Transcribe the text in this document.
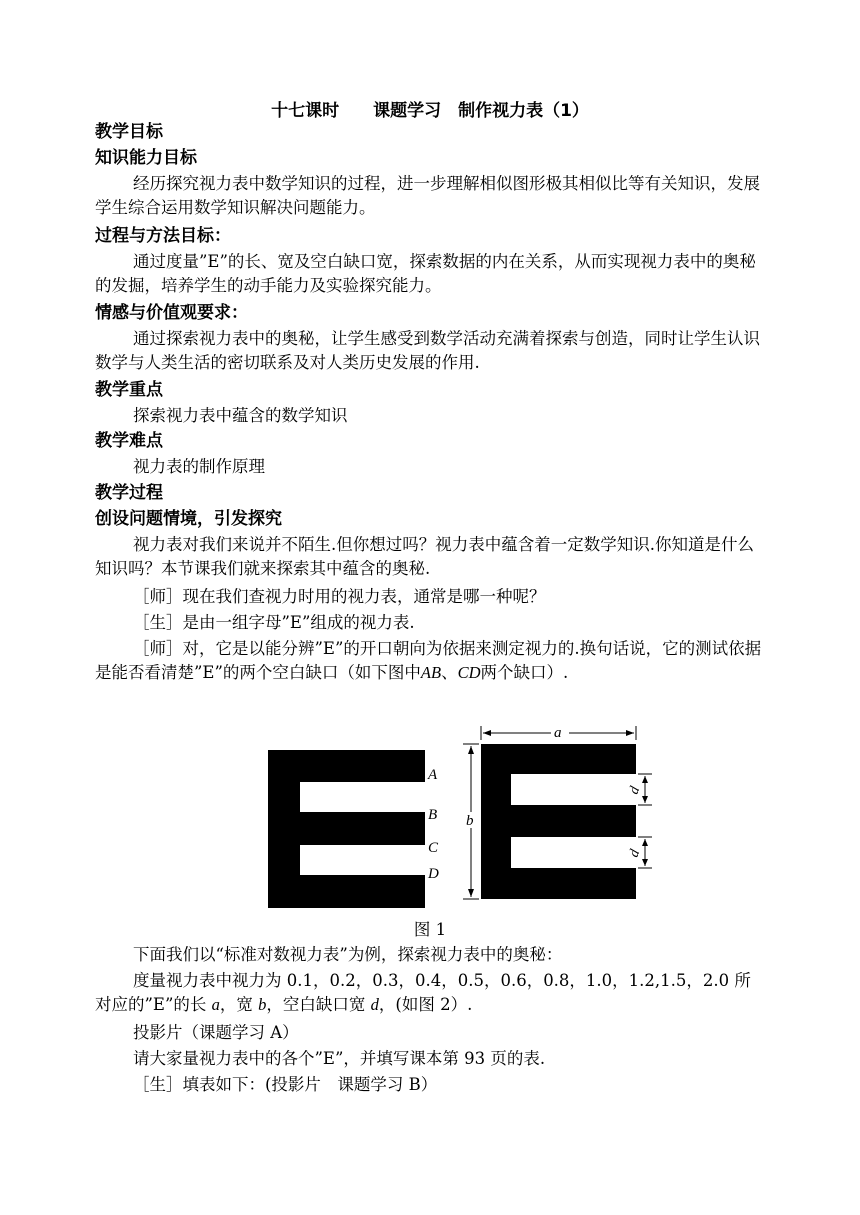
十七课时　　课题学习　制作视力表（1）
教学目标
知识能力目标
经历探究视力表中数学知识的过程，进一步理解相似图形极其相似比等有关知识，发展学生综合运用数学知识解决问题能力。
过程与方法目标：
通过度量”E”的长、宽及空白缺口宽，探索数据的内在关系，从而实现视力表中的奥秘的发掘，培养学生的动手能力及实验探究能力。
情感与价值观要求：
通过探索视力表中的奥秘，让学生感受到数学活动充满着探索与创造，同时让学生认识数学与人类生活的密切联系及对人类历史发展的作用.
教学重点
探索视力表中蕴含的数学知识
教学难点
视力表的制作原理
教学过程
创设问题情境，引发探究
视力表对我们来说并不陌生.但你想过吗？视力表中蕴含着一定数学知识.你知道是什么知识吗？本节课我们就来探索其中蕴含的奥秘.
［师］现在我们查视力时用的视力表，通常是哪一种呢？
［生］是由一组字母”E”组成的视力表.
［师］对，它是以能分辨”E”的开口朝向为依据来测定视力的.换句话说，它的测试依据是能否看清楚”E”的两个空白缺口（如下图中AB、CD两个缺口）.
A
B
C
D
a
b
d
d
图 1
下面我们以“标准对数视力表”为例，探索视力表中的奥秘：
度量视力表中视力为 0.1，0.2，0.3，0.4，0.5，0.6，0.8，1.0，1.2,1.5，2.0 所对应的”E”的长 a，宽 b，空白缺口宽 d，(如图 2）.
投影片（课题学习 A）
请大家量视力表中的各个”E”，并填写课本第 93 页的表.
［生］填表如下：(投影片　课题学习 B）
